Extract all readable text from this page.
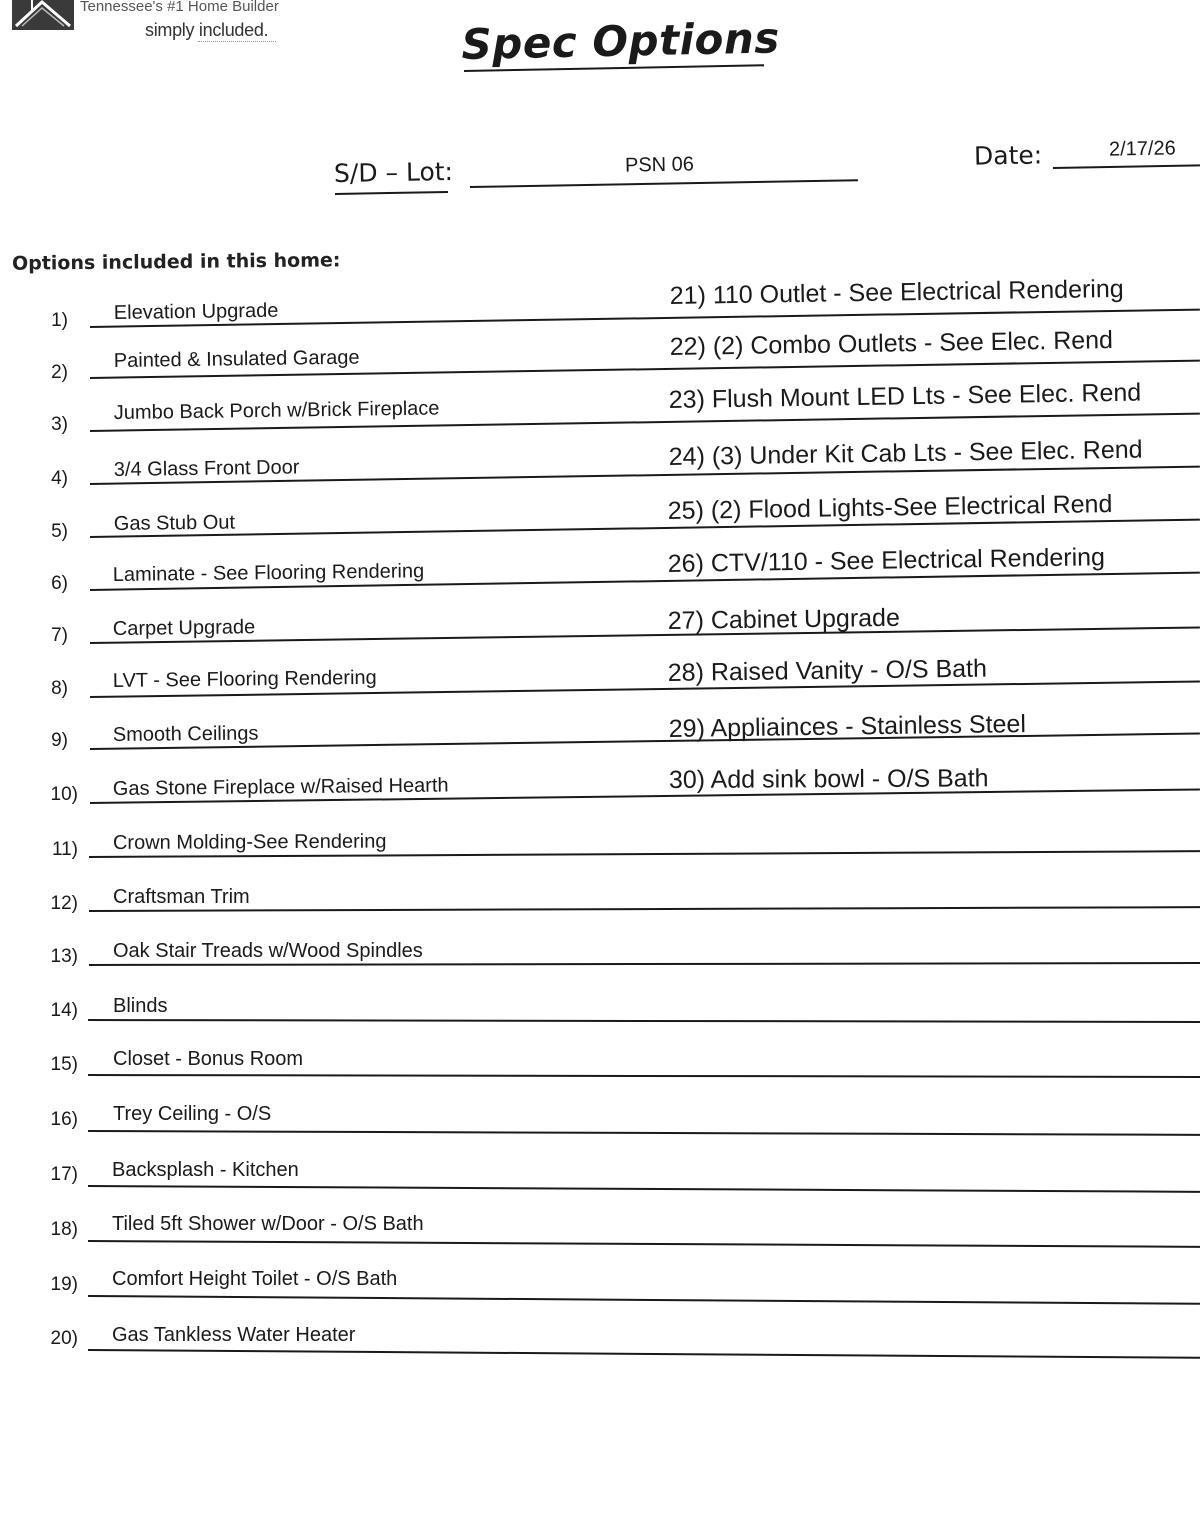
Tennessee's #1 Home Builder
simply included.	Spec Options
S/D – Lot:	PSN 06	Date:	2/17/26
Options included in this home:
1) Elevation Upgrade
21) 110 Outlet - See Electrical Rendering
2)
Painted & Insulated Garage	22) (2) Combo Outlets - See Elec. Rend
3)
Jumbo Back Porch w/Brick Fireplace	23) Flush Mount LED Lts - See Elec. Rend
4) 3/4 Glass Front Door	24) (3) Under Kit Cab Lts - See Elec. Rend
5) Gas Stub Out	25) (2) Flood Lights-See Electrical Rend
6) Laminate - See Flooring Rendering	26) CTV/110 - See Electrical Rendering
7) Carpet Upgrade	27) Cabinet Upgrade
8) LVT - See Flooring Rendering	28) Raised Vanity - O/S Bath
9) Smooth Ceilings	29) Appliainces - Stainless Steel
10) Gas Stone Fireplace w/Raised Hearth	30) Add sink bowl - O/S Bath
11) Crown Molding-See Rendering
12) Craftsman Trim
13) Oak Stair Treads w/Wood Spindles
14) Blinds
15) Closet - Bonus Room
16) Trey Ceiling - O/S
17) Backsplash - Kitchen
18) Tiled 5ft Shower w/Door - O/S Bath
19) Comfort Height Toilet - O/S Bath
20) Gas Tankless Water Heater
